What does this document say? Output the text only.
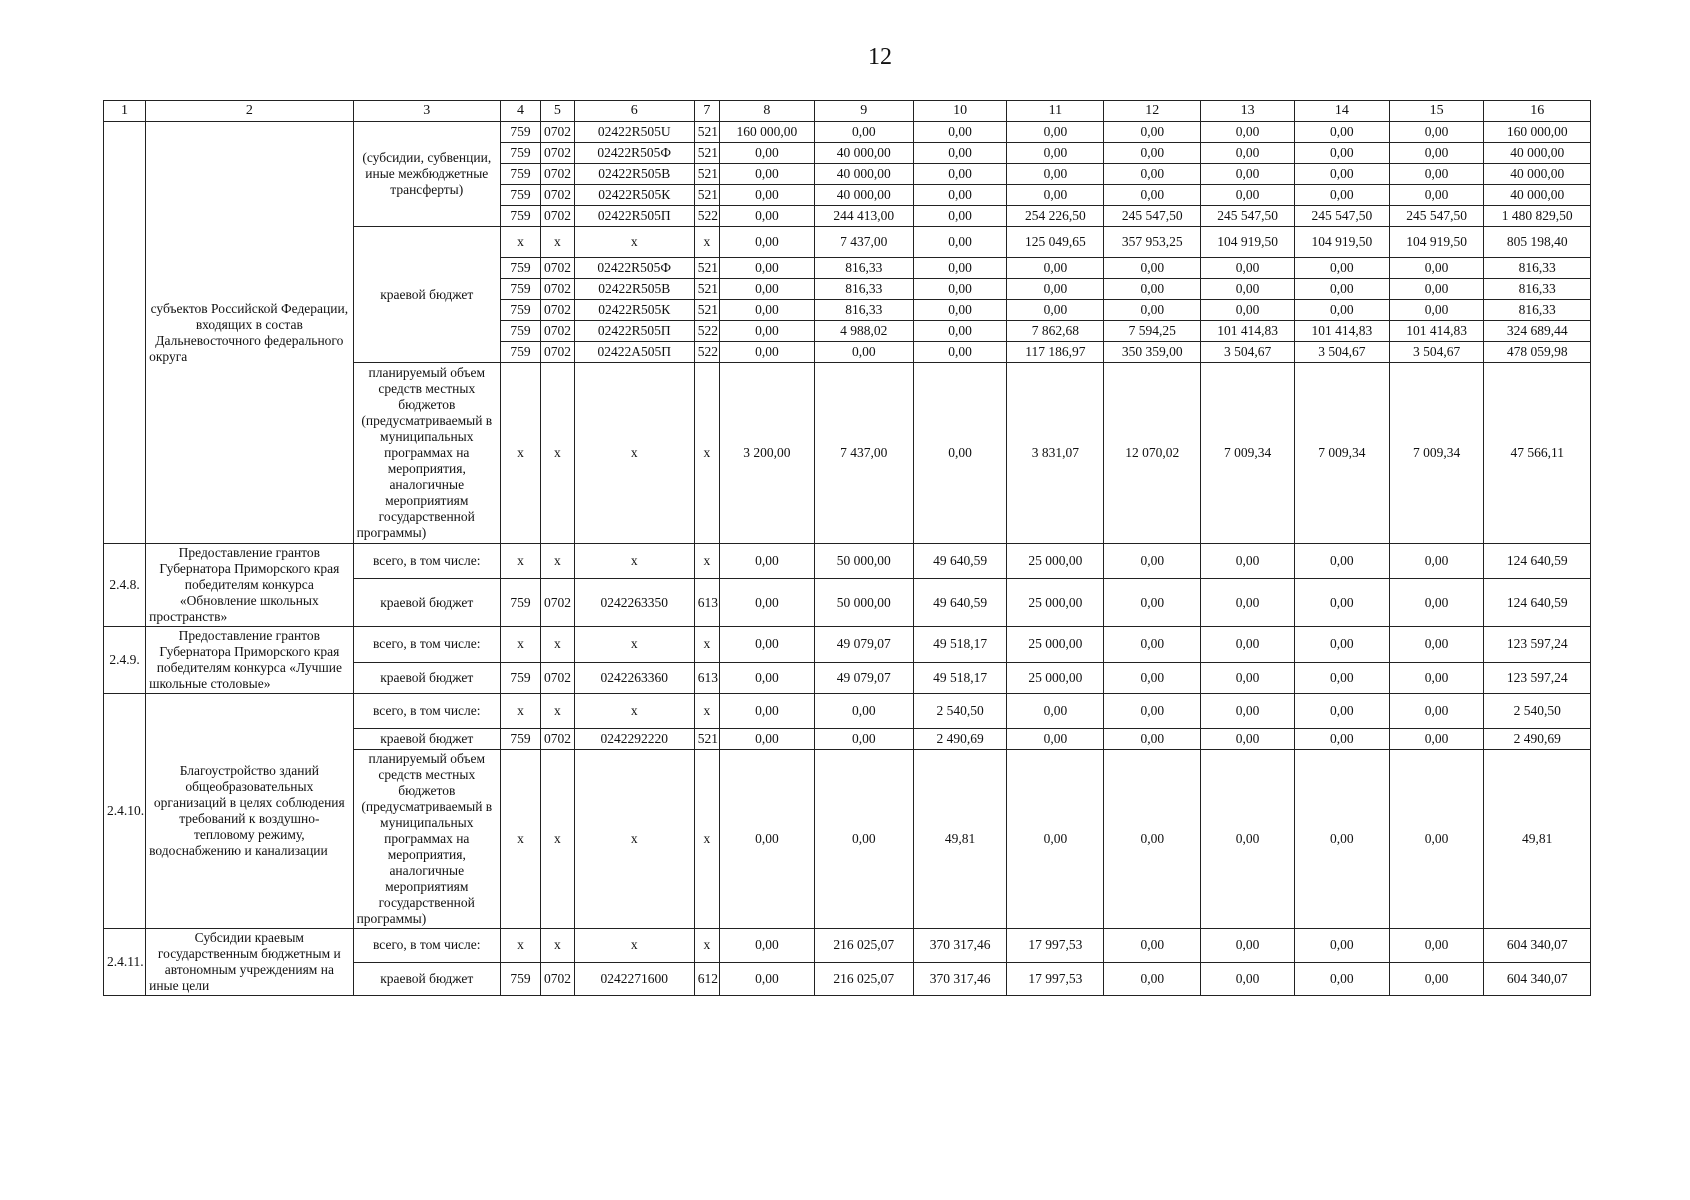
12
1	2	3	4	5	6	7	8	9	10	11	12	13	14	15	16
	субъектов Российской Федерации, входящих в состав Дальневосточного федерального округа	(субсидии, субвенции, иные межбюджетные трансферты)	759	0702	02422R505U	521	160 000,00	0,00	0,00	0,00	0,00	0,00	0,00	0,00	160 000,00
			759	0702	02422R505Ф	521	0,00	40 000,00	0,00	0,00	0,00	0,00	0,00	0,00	40 000,00
			759	0702	02422R505В	521	0,00	40 000,00	0,00	0,00	0,00	0,00	0,00	0,00	40 000,00
			759	0702	02422R505К	521	0,00	40 000,00	0,00	0,00	0,00	0,00	0,00	0,00	40 000,00
			759	0702	02422R505П	522	0,00	244 413,00	0,00	254 226,50	245 547,50	245 547,50	245 547,50	245 547,50	1 480 829,50
		краевой бюджет	х	х	х	х	0,00	7 437,00	0,00	125 049,65	357 953,25	104 919,50	104 919,50	104 919,50	805 198,40
			759	0702	02422R505Ф	521	0,00	816,33	0,00	0,00	0,00	0,00	0,00	0,00	816,33
			759	0702	02422R505В	521	0,00	816,33	0,00	0,00	0,00	0,00	0,00	0,00	816,33
			759	0702	02422R505К	521	0,00	816,33	0,00	0,00	0,00	0,00	0,00	0,00	816,33
			759	0702	02422R505П	522	0,00	4 988,02	0,00	7 862,68	7 594,25	101 414,83	101 414,83	101 414,83	324 689,44
			759	0702	02422А505П	522	0,00	0,00	0,00	117 186,97	350 359,00	3 504,67	3 504,67	3 504,67	478 059,98
		планируемый объем средств местных бюджетов (предусматриваемый в муниципальных программах на мероприятия, аналогичные мероприятиям государственной программы)	х	х	х	х	3 200,00	7 437,00	0,00	3 831,07	12 070,02	7 009,34	7 009,34	7 009,34	47 566,11
2.4.8.	Предоставление грантов Губернатора Приморского края победителям конкурса «Обновление школьных пространств»	всего, в том числе:	х	х	х	х	0,00	50 000,00	49 640,59	25 000,00	0,00	0,00	0,00	0,00	124 640,59
		краевой бюджет	759	0702	0242263350	613	0,00	50 000,00	49 640,59	25 000,00	0,00	0,00	0,00	0,00	124 640,59
2.4.9.	Предоставление грантов Губернатора Приморского края победителям конкурса «Лучшие школьные столовые»	всего, в том числе:	х	х	х	х	0,00	49 079,07	49 518,17	25 000,00	0,00	0,00	0,00	0,00	123 597,24
		краевой бюджет	759	0702	0242263360	613	0,00	49 079,07	49 518,17	25 000,00	0,00	0,00	0,00	0,00	123 597,24
2.4.10.	Благоустройство зданий общеобразовательных организаций в целях соблюдения требований к воздушно-тепловому режиму, водоснабжению и канализации	всего, в том числе:	х	х	х	х	0,00	0,00	2 540,50	0,00	0,00	0,00	0,00	0,00	2 540,50
		краевой бюджет	759	0702	0242292220	521	0,00	0,00	2 490,69	0,00	0,00	0,00	0,00	0,00	2 490,69
		планируемый объем средств местных бюджетов (предусматриваемый в муниципальных программах на мероприятия, аналогичные мероприятиям государственной программы)	х	х	х	х	0,00	0,00	49,81	0,00	0,00	0,00	0,00	0,00	49,81
2.4.11.	Субсидии краевым государственным бюджетным и автономным учреждениям на иные цели	всего, в том числе:	х	х	х	х	0,00	216 025,07	370 317,46	17 997,53	0,00	0,00	0,00	0,00	604 340,07
		краевой бюджет	759	0702	0242271600	612	0,00	216 025,07	370 317,46	17 997,53	0,00	0,00	0,00	0,00	604 340,07
